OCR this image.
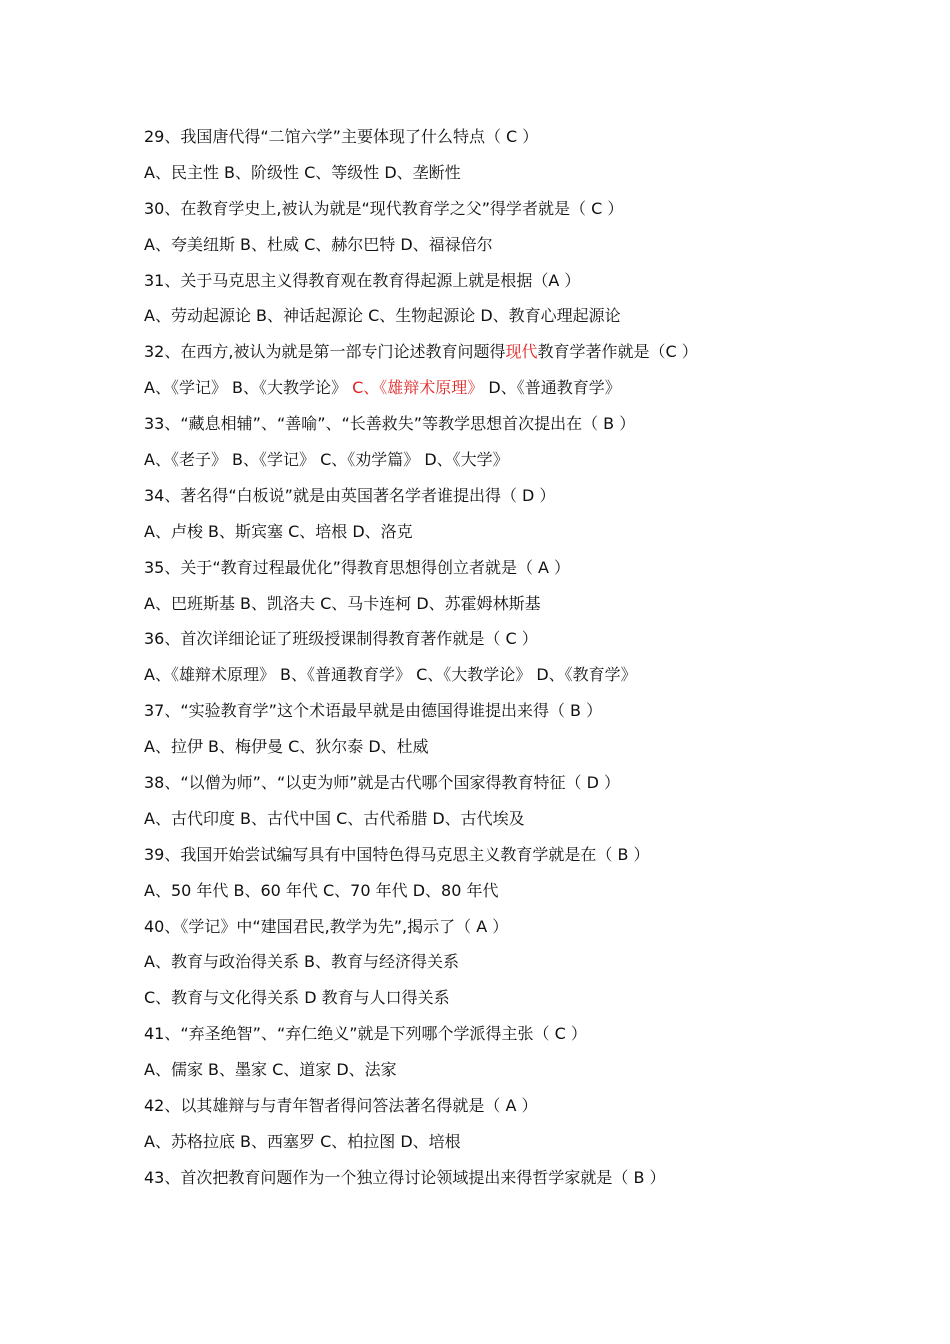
29、我国唐代得“二馆六学”主要体现了什么特点（ C ）
A、民主性 B、阶级性 C、等级性 D、垄断性
30、在教育学史上,被认为就是“现代教育学之父”得学者就是（ C ）
A、夸美纽斯 B、杜威 C、赫尔巴特 D、福禄倍尔
31、关于马克思主义得教育观在教育得起源上就是根据（A ）
A、劳动起源论 B、神话起源论 C、生物起源论 D、教育心理起源论
32、在西方,被认为就是第一部专门论述教育问题得现代教育学著作就是（C ）
A、《学记》 B、《大教学论》 C、《雄辩术原理》 D、《普通教育学》
33、“藏息相辅”、“善喻”、“长善救失”等教学思想首次提出在（ B ）
A、《老子》 B、《学记》 C、《劝学篇》 D、《大学》
34、著名得“白板说”就是由英国著名学者谁提出得（ D ）
A、卢梭 B、斯宾塞 C、培根 D、洛克
35、关于“教育过程最优化”得教育思想得创立者就是（ A ）
A、巴班斯基 B、凯洛夫 C、马卡连柯 D、苏霍姆林斯基
36、首次详细论证了班级授课制得教育著作就是（ C ）
A、《雄辩术原理》 B、《普通教育学》 C、《大教学论》 D、《教育学》
37、“实验教育学”这个术语最早就是由德国得谁提出来得（ B ）
A、拉伊 B、梅伊曼 C、狄尔泰 D、杜威
38、“以僧为师”、“以吏为师”就是古代哪个国家得教育特征（ D ）
A、古代印度 B、古代中国 C、古代希腊 D、古代埃及
39、我国开始尝试编写具有中国特色得马克思主义教育学就是在（ B ）
A、50 年代 B、60 年代 C、70 年代 D、80 年代
40、《学记》中“建国君民,教学为先”,揭示了（ A ）
A、教育与政治得关系 B、教育与经济得关系
C、教育与文化得关系 D 教育与人口得关系
41、“弃圣绝智”、“弃仁绝义”就是下列哪个学派得主张（ C ）
A、儒家 B、墨家 C、道家 D、法家
42、以其雄辩与与青年智者得问答法著名得就是（ A ）
A、苏格拉底 B、西塞罗 C、柏拉图 D、培根
43、首次把教育问题作为一个独立得讨论领域提出来得哲学家就是（ B ）
